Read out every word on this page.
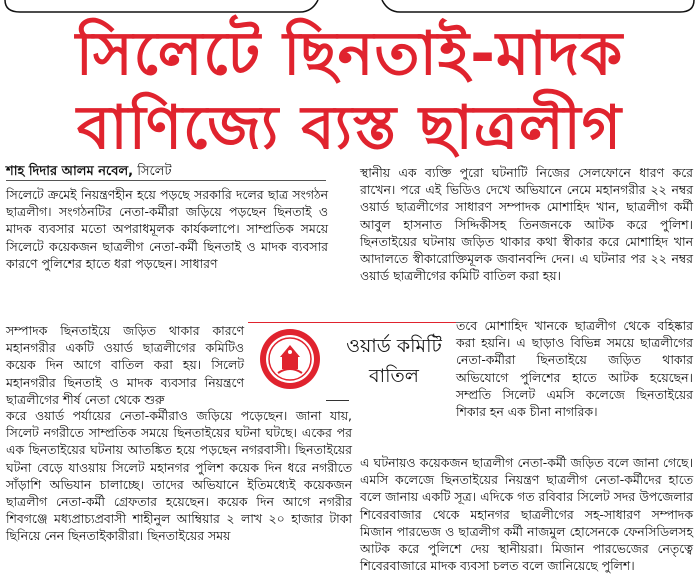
সিলেটে ছিনতাই-মাদক
বাণিজ্যে ব্যস্ত ছাত্রলীগ
শাহ দিদার আলম নবেল, সিলেট
সিলেটে ক্রমেই নিয়ন্ত্রণহীন হয়ে পড়ছে সরকারি দলের ছাত্র সংগঠন ছাত্রলীগ। সংগঠনটির নেতা-কর্মীরা জড়িয়ে পড়ছেন ছিনতাই ও মাদক ব্যবসার মতো অপরাধমূলক কার্যকলাপে। সাম্প্রতিক সময়ে সিলেটে কয়েকজন ছাত্রলীগ নেতা-কর্মী ছিনতাই ও মাদক ব্যবসার কারণে পুলিশের হাতে ধরা পড়ছেন। সাধারণ
সম্পাদক ছিনতাইয়ে জড়িত থাকার কারণে মহানগরীর একটি ওয়ার্ড ছাত্রলীগের কমিটিও কয়েক দিন আগে বাতিল করা হয়। সিলেট মহানগরীর ছিনতাই ও মাদক ব্যবসার নিয়ন্ত্রণে ছাত্রলীগের শীর্ষ নেতা থেকে শুরু
করে ওয়ার্ড পর্যায়ের নেতা-কর্মীরাও জড়িয়ে পড়েছেন। জানা যায়, সিলেট নগরীতে সাম্প্রতিক সময়ে ছিনতাইয়ের ঘটনা ঘটছে। একের পর এক ছিনতাইয়ের ঘটনায় আতঙ্কিত হয়ে পড়ছেন নগরবাসী। ছিনতাইয়ের ঘটনা বেড়ে যাওয়ায় সিলেট মহানগর পুলিশ কয়েক দিন ধরে নগরীতে সাঁড়াশি অভিযান চালাচ্ছে। তাদের অভিযানে ইতিমধ্যেই কয়েকজন ছাত্রলীগ নেতা-কর্মী গ্রেফতার হয়েছেন। কয়েক দিন আগে নগরীর শিবগঞ্জে মধ্যপ্রাচ্যপ্রবাসী শাহীনুল আম্বিয়ার ২ লাখ ২০ হাজার টাকা ছিনিয়ে নেন ছিনতাইকারীরা। ছিনতাইয়ের সময়
স্থানীয় এক ব্যক্তি পুরো ঘটনাটি নিজের সেলফোনে ধারণ করে রাখেন। পরে এই ভিডিও দেখে অভিযানে নেমে মহানগরীর ২২ নম্বর ওয়ার্ড ছাত্রলীগের সাধারণ সম্পাদক মোশাহিদ খান, ছাত্রলীগ কর্মী আবুল হাসনাত সিদ্দিকীসহ তিনজনকে আটক করে পুলিশ। ছিনতাইয়ের ঘটনায় জড়িত থাকার কথা স্বীকার করে মোশাহিদ খান আদালতে স্বীকারোক্তিমূলক জবানবন্দি দেন। এ ঘটনার পর ২২ নম্বর ওয়ার্ড ছাত্রলীগের কমিটি বাতিল করা হয়।
তবে মোশাহিদ খানকে ছাত্রলীগ থেকে বহিষ্কার করা হয়নি। এ ছাড়াও বিভিন্ন সময়ে ছাত্রলীগের নেতা-কর্মীরা ছিনতাইয়ে জড়িত থাকার অভিযোগে পুলিশের হাতে আটক হয়েছেন। সম্প্রতি সিলেট এমসি কলেজে ছিনতাইয়ের শিকার হন এক চীনা নাগরিক।
এ ঘটনায়ও কয়েকজন ছাত্রলীগ নেতা-কর্মী জড়িত বলে জানা গেছে। এমসি কলেজে ছিনতাইয়ের নিয়ন্ত্রণ ছাত্রলীগ নেতা-কর্মীদের হাতে বলে জানায় একটি সূত্র। এদিকে গত রবিবার সিলেট সদর উপজেলার শিবেরবাজার থেকে মহানগর ছাত্রলীগের সহ-সাধারণ সম্পাদক মিজান পারভেজ ও ছাত্রলীগ কর্মী নাজমুল হোসেনকে ফেনসিডিলসহ আটক করে পুলিশে দেয় স্থানীয়রা। মিজান পারভেজের নেতৃত্বে শিবেরবাজারে মাদক ব্যবসা চলত বলে জানিয়েছে পুলিশ।
ওয়ার্ড কমিটি
বাতিল
